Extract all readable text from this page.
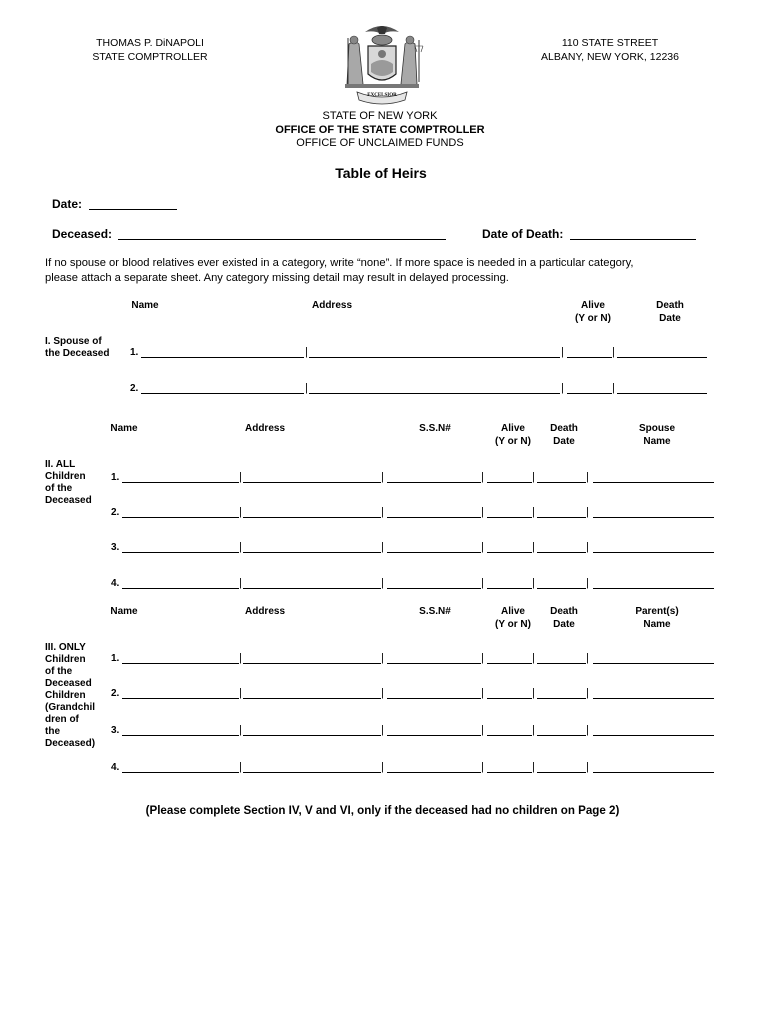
THOMAS P. DiNAPOLI
STATE COMPTROLLER
110 STATE STREET
ALBANY, NEW YORK, 12236
EXCELSIOR
STATE OF NEW YORK
OFFICE OF THE STATE COMPTROLLER
OFFICE OF UNCLAIMED FUNDS
Table of Heirs
Date:
Deceased:	Date of Death:
If no spouse or blood relatives ever existed in a category, write “none”. If more space is needed in a particular category,
please attach a separate sheet. Any category missing detail may result in delayed processing.
Name	Address	Alive
(Y or N)
Death
Date
I. Spouse of
the Deceased 1.	|	|	|
2.	|	|	|
Name	Address	S.S.N#	Alive
(Y or N)
Death
Date
Spouse
Name
II. ALL
Children
of the
Deceased
1.	|	|	|	|	|
2.	|	|	|	|	|
3.	|	|	|	|	|
4.	|	|	|	|	|
Name	Address	S.S.N#	Alive
(Y or N)
Death
Date
Parent(s)
Name
III. ONLY
Children
of the
Deceased
Children
(Grandchil
dren of
the
Deceased)
1.	|	|	|	|	|
2.	|	|	|	|	|
3.	|	|	|	|	|
4.	|	|	|	|	|
(Please complete Section IV, V and VI, only if the deceased had no children on Page 2)
